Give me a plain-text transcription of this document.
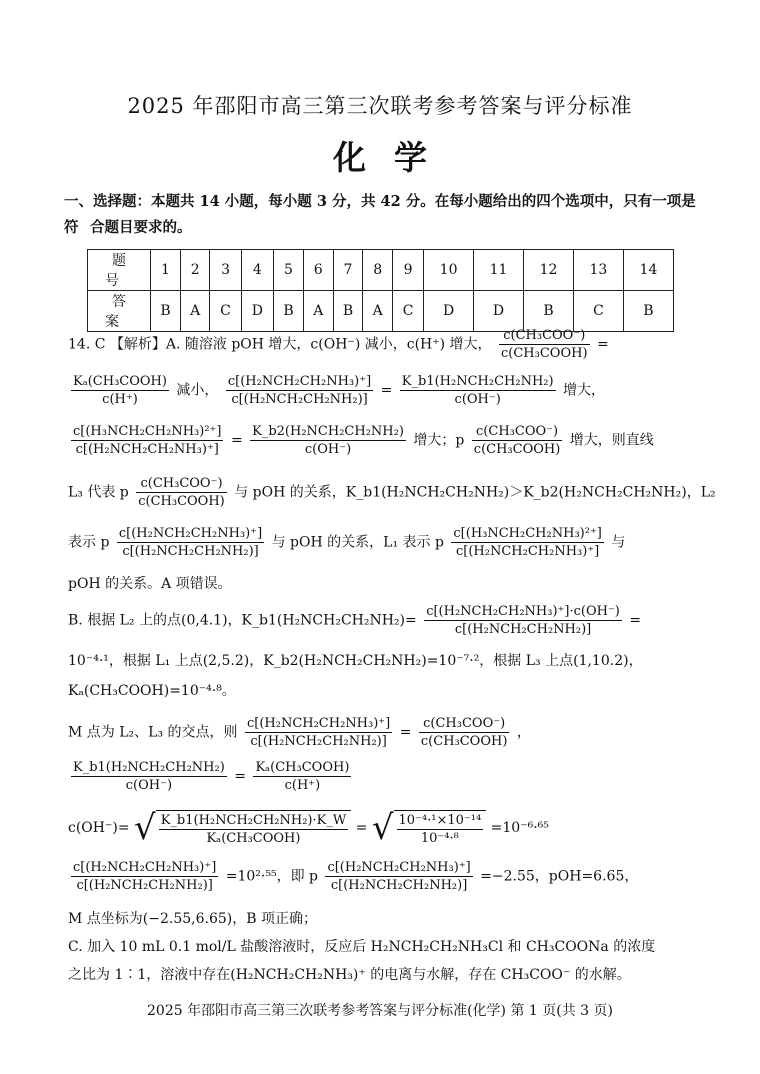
2025 年邵阳市高三第三次联考参考答案与评分标准
化学
一、选择题：本题共 14 小题，每小题 3 分，共 42 分。在每小题给出的四个选项中，只有一项是符 合题目要求的。
题号	1	2	3	4	5	6	7	8	9	10	11	12	13	14
答案	B	A	C	D	B	A	B	A	C	D	D	B	C	B
14. C 【解析】A. 随溶液 pOH 增大，c(OH⁻) 减小，c(H⁺) 增大， $\frac{\text{c(CH₃COO⁻)}}{\text{c(CH₃COOH)}}$ =
$\frac{\text{Kₐ(CH₃COOH)}}{c(H^+)}$ 减小， $\frac{\text{c[(H₂NCH₂CH₂NH₃)⁺]}}{\text{c[(H₂NCH₂CH₂NH₂)]}} = \frac{\text{K\_b1(H₂NCH₂CH₂NH₂)}}{c(OH^-)}$ 增大，
$\frac{\text{c[(H₃NCH₂CH₂NH₃)²⁺]}}{\text{c[(H₂NCH₂CH₂NH₃)⁺]}} = \frac{\text{K\_b2(H₂NCH₂CH₂NH₂)}}{c(OH^-)}$ 增大；p $\frac{\text{c(CH₃COO⁻)}}{\text{c(CH₃COOH)}}$ 增大，则直线
L₃ 代表 p $\frac{\text{c(CH₃COO⁻)}}{\text{c(CH₃COOH)}}$ 与 pOH 的关系，K_b1(H₂NCH₂CH₂NH₂)＞K_b2(H₂NCH₂CH₂NH₂)，L₂
表示 p $\frac{\text{c[(H₂NCH₂CH₂NH₃)⁺]}}{\text{c[(H₂NCH₂CH₂NH₂)]}}$ 与 pOH 的关系，L₁ 表示 p $\frac{\text{c[(H₃NCH₂CH₂NH₃)²⁺]}}{\text{c[(H₂NCH₂CH₂NH₃)⁺]}}$ 与
pOH 的关系。A 项错误。
B. 根据 L₂ 上的点(0,4.1)，K_b1(H₂NCH₂CH₂NH₂)= $\frac{\text{c[(H₂NCH₂CH₂NH₃)⁺]·c(OH⁻)}}{\text{c[(H₂NCH₂CH₂NH₂)]}}$ =
10⁻⁴·¹，根据 L₁ 上点(2,5.2)，K_b2(H₂NCH₂CH₂NH₂)=10⁻⁷·²，根据 L₃ 上点(1,10.2)，
Kₐ(CH₃COOH)=10⁻⁴·⁸。
M 点为 L₂、L₃ 的交点，则 $\frac{\text{c[(H₂NCH₂CH₂NH₃)⁺]}}{\text{c[(H₂NCH₂CH₂NH₂)]}} = \frac{\text{c(CH₃COO⁻)}}{\text{c(CH₃COOH)}}$ ，
$\frac{\text{K\_b1(H₂NCH₂CH₂NH₂)}}{c(OH^-)} = \frac{\text{Kₐ(CH₃COOH)}}{c(H^+)}$
c(OH⁻)= √ $\frac{\text{K\_b1(H₂NCH₂CH₂NH₂)·K\_W}}{\text{Kₐ(CH₃COOH)}}$ = √ $\frac{\text{10⁻⁴·¹×10⁻¹⁴}}{\text{10⁻⁴·⁸}} =10^{-6}\cdot^{65}$
$\frac{\text{c[(H₂NCH₂CH₂NH₃)⁺]}}{\text{c[(H₂NCH₂CH₂NH₂)]}} =10^2\cdot^{55}$，即 p $\frac{\text{c[(H₂NCH₂CH₂NH₃)⁺]}}{\text{c[(H₂NCH₂CH₂NH₂)]}} =-2.55$，pOH=6.65，
M 点坐标为(−2.55,6.65)，B 项正确；
C. 加入 10 mL 0.1 mol/L 盐酸溶液时，反应后 H₂NCH₂CH₂NH₃Cl 和 CH₃COONa 的浓度
之比为 1∶1，溶液中存在(H₂NCH₂CH₂NH₃)⁺ 的电离与水解，存在 CH₃COO⁻ 的水解。
2025 年邵阳市高三第三次联考参考答案与评分标准(化学) 第 1 页(共 3 页)
